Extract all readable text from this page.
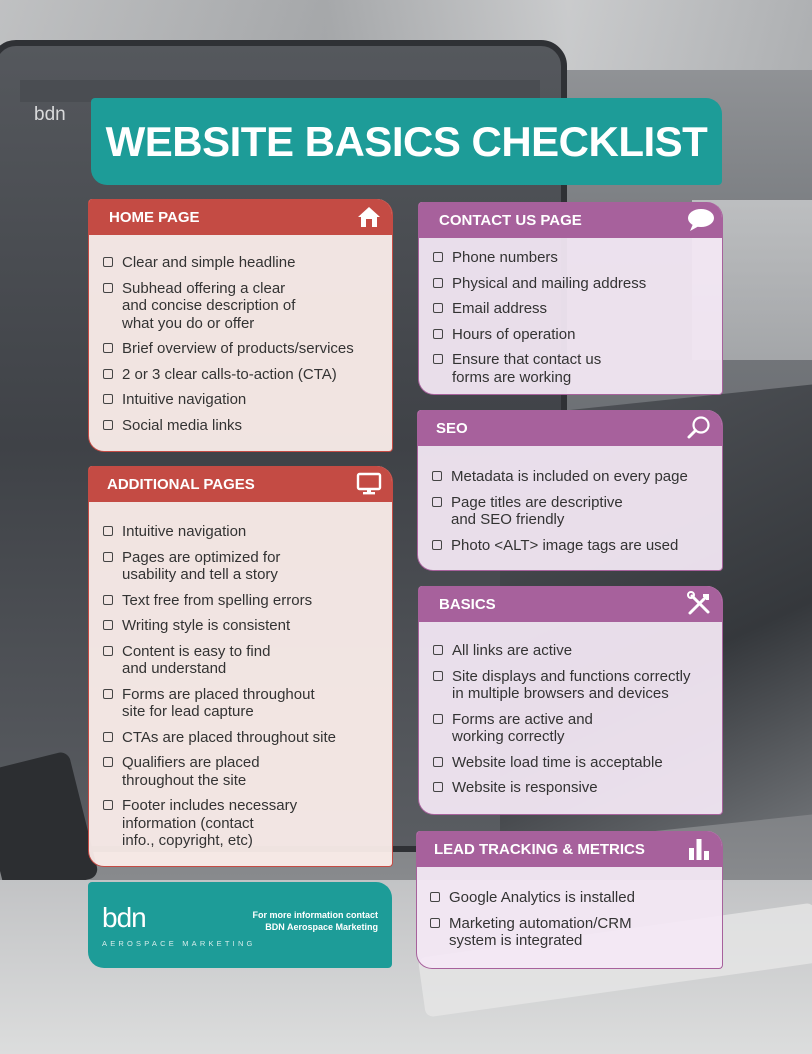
bdn
WEBSITE BASICS CHECKLIST
HOME PAGE
Clear and simple headline
Subhead offering a clear
and concise description of
what you do or offer
Brief overview of products/services
2 or 3 clear calls-to-action (CTA)
Intuitive navigation
Social media links
ADDITIONAL PAGES
Intuitive navigation
Pages are optimized for
usability and tell a story
Text free from spelling errors
Writing style is consistent
Content is easy to find
and understand
Forms are placed throughout
site for lead capture
CTAs are placed throughout site
Qualifiers are placed
throughout the site
Footer includes necessary
information (contact
info., copyright, etc)
CONTACT US PAGE
Phone numbers
Physical and mailing address
Email address
Hours of operation
Ensure that contact us
forms are working
SEO
Metadata is included on every page
Page titles are descriptive
and SEO friendly
Photo <ALT> image tags are used
BASICS
All links are active
Site displays and functions correctly
in multiple browsers and devices
Forms are active and
working correctly
Website load time is acceptable
Website is responsive
LEAD TRACKING & METRICS
Google Analytics is installed
Marketing automation/CRM
system is integrated
bdn
AEROSPACE MARKETING
For more information contact
BDN Aerospace Marketing
